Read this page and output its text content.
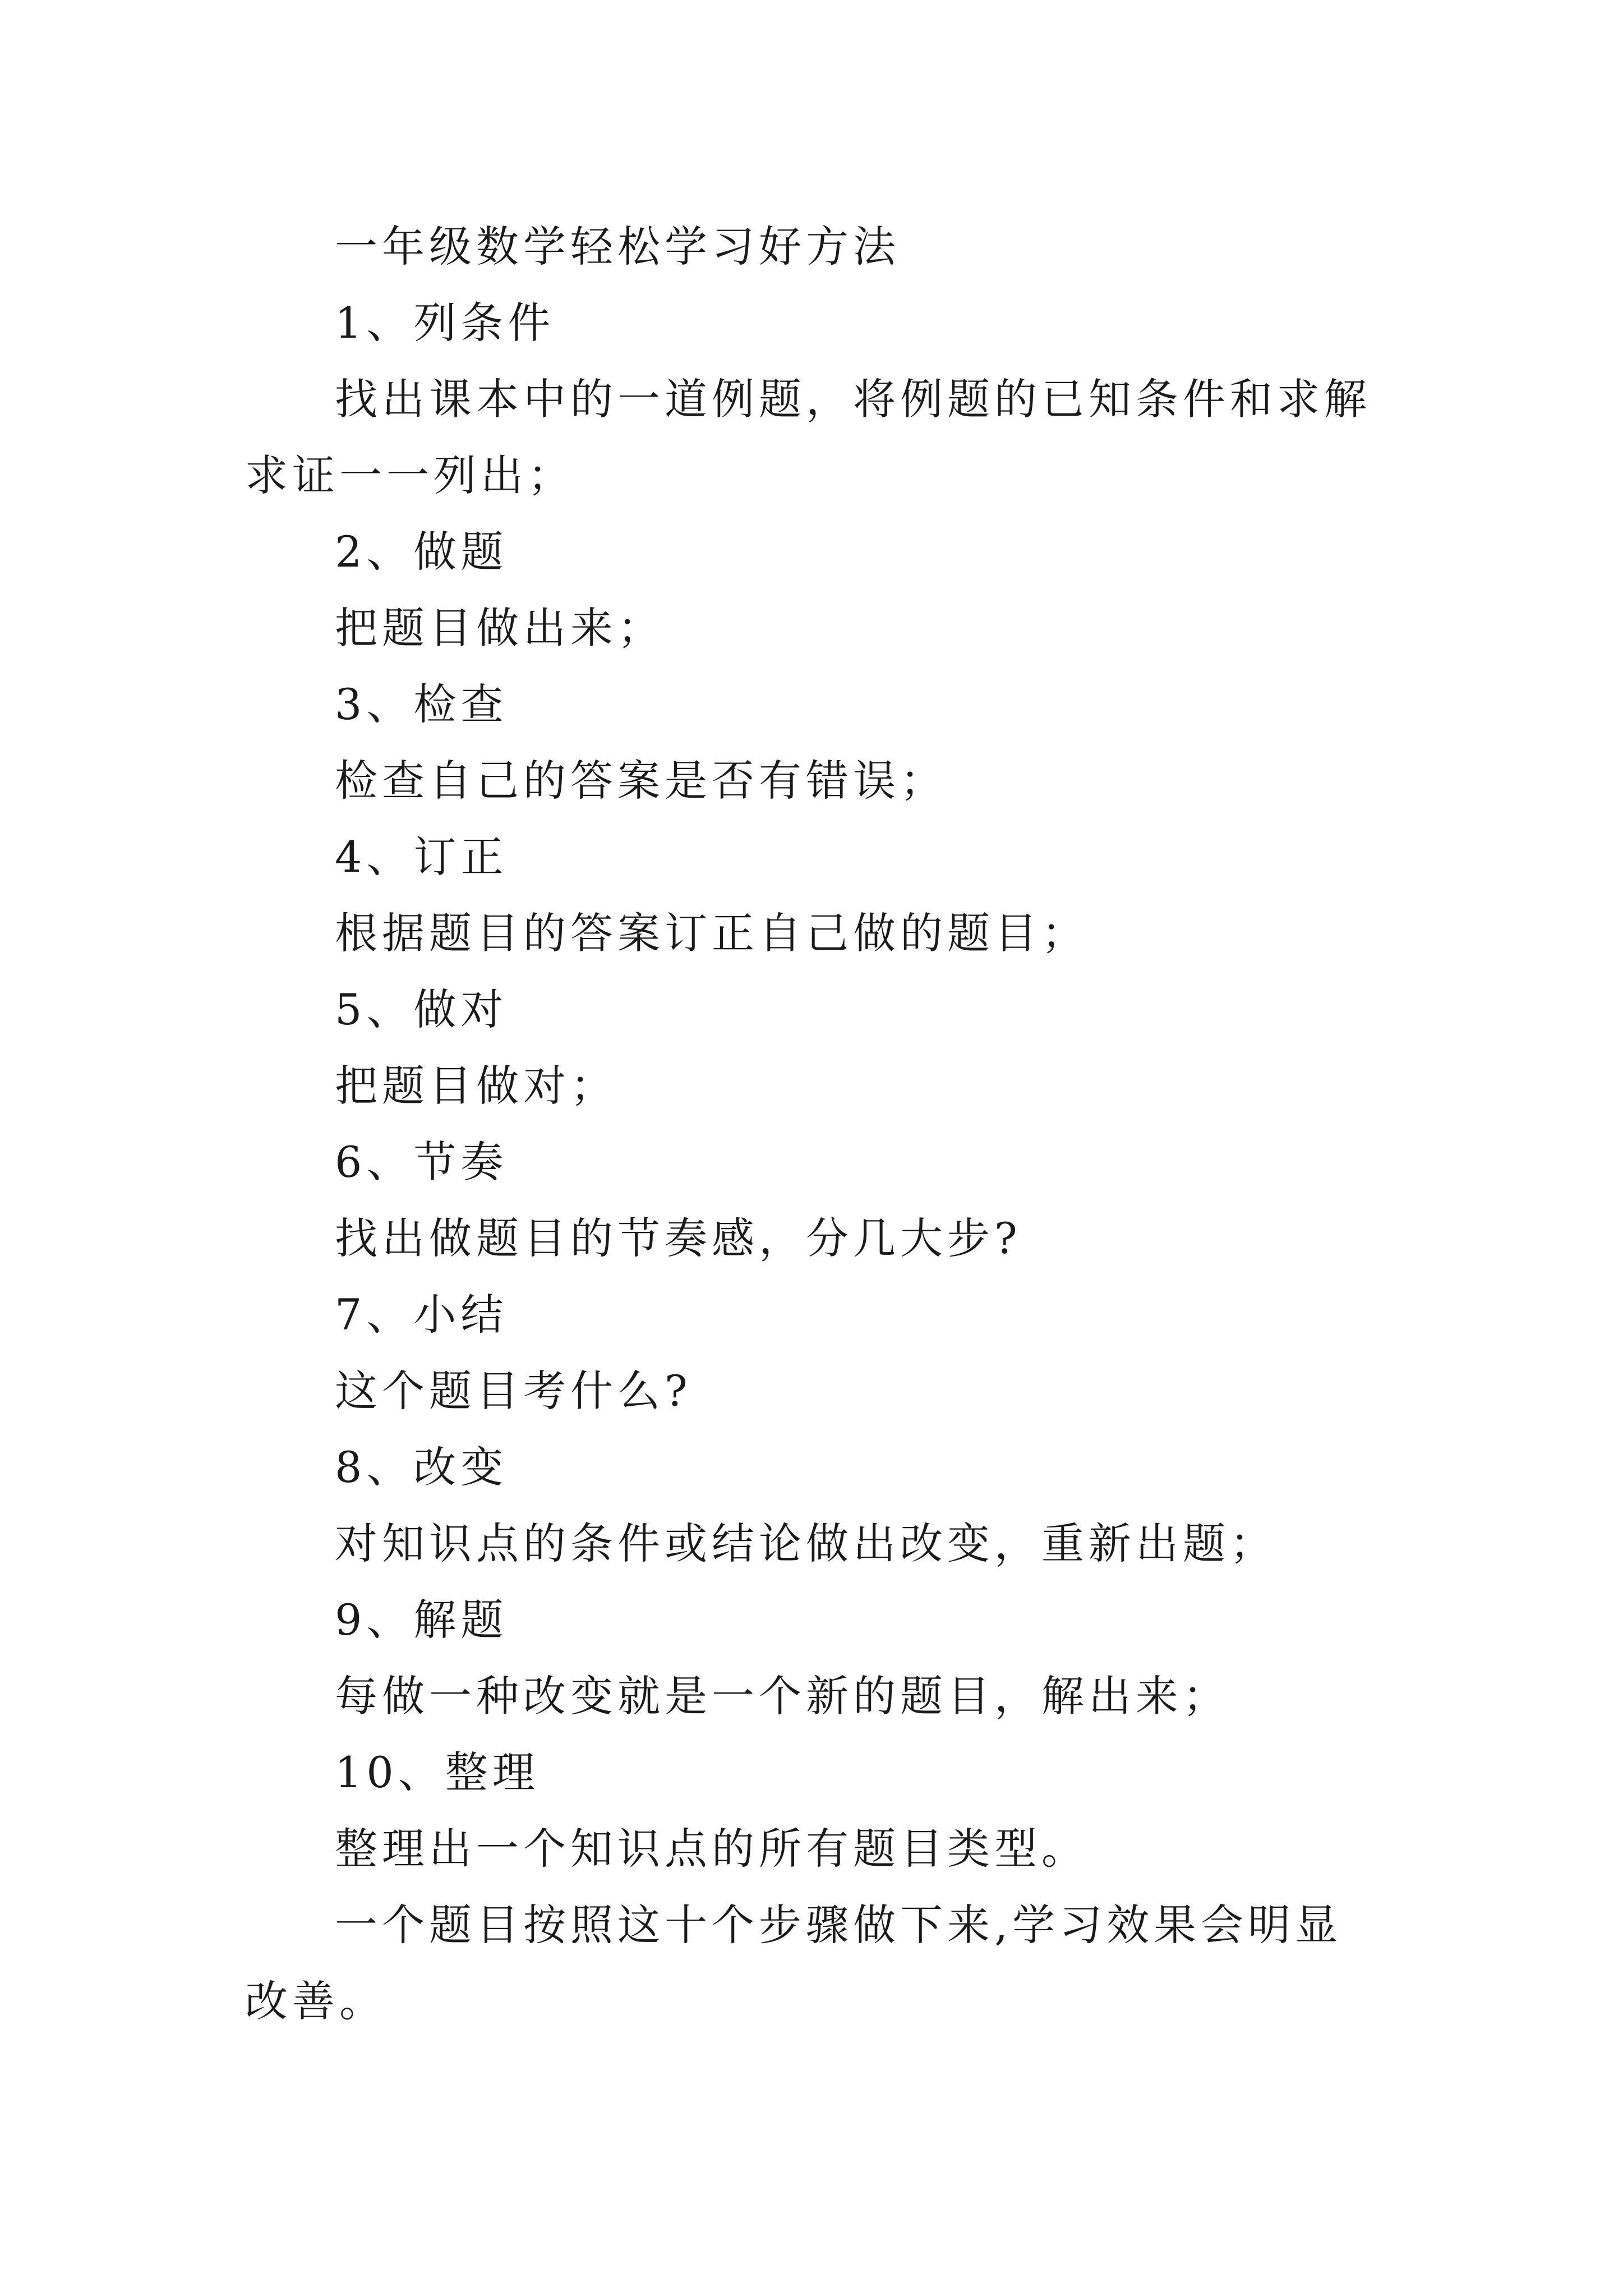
一年级数学轻松学习好方法

1、列条件

找出课本中的一道例题，将例题的已知条件和求解求证一一列出；

2、做题

把题目做出来；

3、检查

检查自己的答案是否有错误；

4、订正

根据题目的答案订正自己做的题目；

5、做对

把题目做对；

6、节奏

找出做题目的节奏感，分几大步?

7、小结

这个题目考什么?

8、改变

对知识点的条件或结论做出改变，重新出题；

9、解题

每做一种改变就是一个新的题目，解出来；

10、整理

整理出一个知识点的所有题目类型。

一个题目按照这十个步骤做下来,学习效果会明显改善。
